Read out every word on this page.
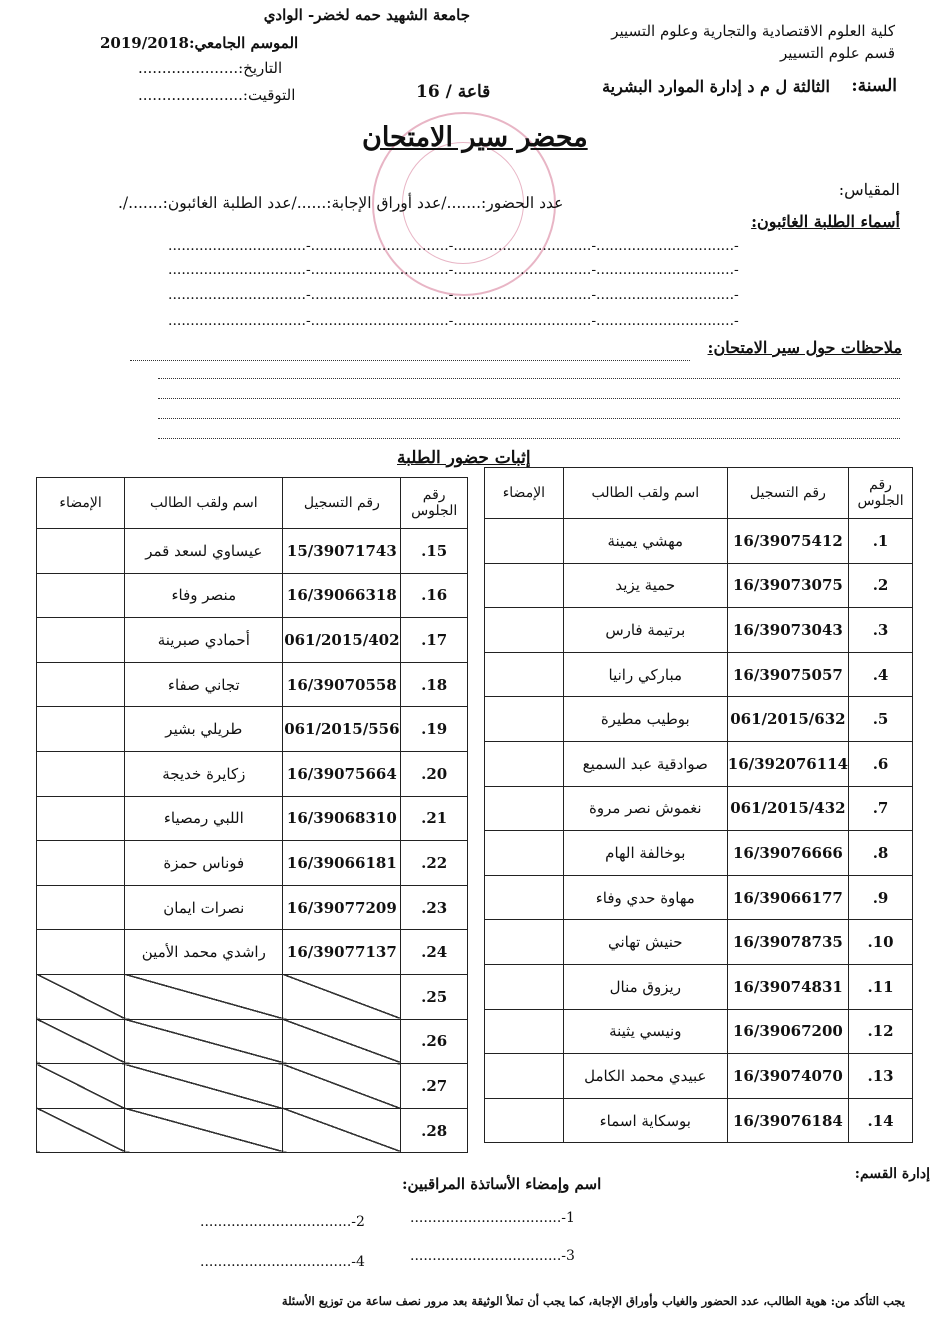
جامعة الشهيد حمه لخضر- الوادي
كلية العلوم الاقتصادية والتجارية وعلوم التسيير
قسم علوم التسيير
السنة:
الثالثة ل م د إدارة الموارد البشرية
قاعة / 16
الموسم الجامعي:2019/2018
التاريخ:.....................
التوقيت:......................
محضر سير الامتحان
المقياس:
عدد الحضور:......./عدد أوراق الإجابة:....../عدد الطلبة الغائبون:......./.
أسماء الطلبة الغائبون:
-...............................-...............................-...............................-...............................
-...............................-...............................-...............................-...............................
-...............................-...............................-...............................-...............................
-...............................-...............................-...............................-...............................
ملاحظات حول سير الامتحان:
إثبات حضور الطلبة
رقم الجلوس	رقم التسجيل	اسم ولقب الطالب	الإمضاء
1.	16/39075412	مهشي يمينة	
2.	16/39073075	حمية يزيد	
3.	16/39073043	برتيمة فارس	
4.	16/39075057	مباركي رانيا	
5.	061/2015/632	بوطيب مطيرة	
6.	16/392076114	صوادقية عبد السميع	
7.	061/2015/432	نغموش نصر مروة	
8.	16/39076666	بوخالفة الهام	
9.	16/39066177	مهاوة حدي وفاء	
10.	16/39078735	حنيش تهاني	
11.	16/39074831	ريزوق منال	
12.	16/39067200	ونيسي يثينة	
13.	16/39074070	عبيدي محمد الكامل	
14.	16/39076184	بوسكاية اسماء	
رقم الجلوس	رقم التسجيل	اسم ولقب الطالب	الإمضاء
15.	15/39071743	عيساوي لسعد قمر	
16.	16/39066318	منصر وفاء	
17.	061/2015/402	أحمادي صبرينة	
18.	16/39070558	تجاني صفاء	
19.	061/2015/556	طريلي بشير	
20.	16/39075664	زكايرة خديجة	
21.	16/39068310	اللبي رمصياء	
22.	16/39066181	فوناس حمزة	
23.	16/39077209	نصرات ايمان	
24.	16/39077137	راشدي محمد الأمين	
25.			
26.			
27.			
28.			
إدارة القسم:
اسم وإمضاء الأساتذة المراقبين:
1-..................................
2-..................................
3-..................................
4-..................................
يجب التأكد من: هوية الطالب، عدد الحضور والغياب وأوراق الإجابة، كما يجب أن تملأ الوثيقة بعد مرور نصف ساعة من توزيع الأسئلة
